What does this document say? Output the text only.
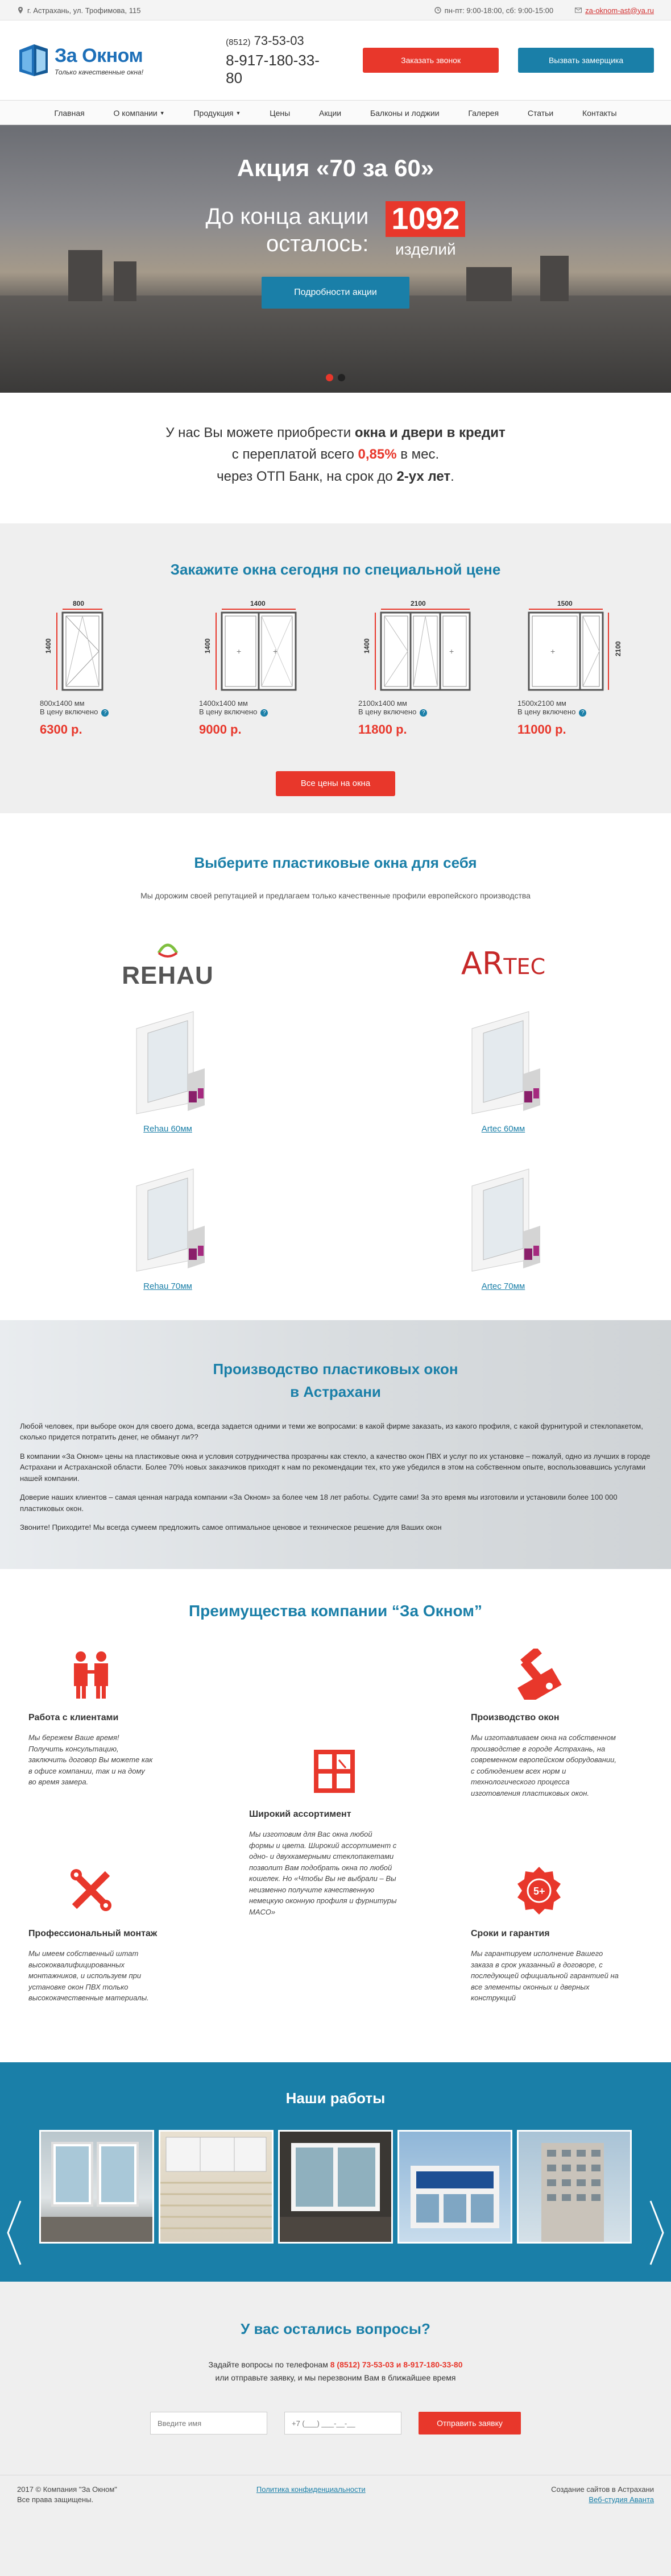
г. Астрахань, ул. Трофимова, 115	пн-пт: 9:00-18:00, сб: 9:00-15:00	za-oknom-ast@ya.ru
За Окном
Только качественные окна!
(8512) 73-53-03
8-917-180-33-80
Заказать звонок	Вызвать замерщика
Главная	О компании ▼	Продукция ▼	Цены	Акции	Балконы и лоджии	Галерея	Статьи	Контакты
Акция «70 за 60»
До конца акции
осталось:
1092
изделий
Подробности акции
У нас Вы можете приобрести окна и двери в кредит
с переплатой всего 0,85% в мес.
через ОТП Банк, на срок до 2-ух лет.
Закажите окна сегодня по специальной цене
800
1400
800x1400 мм
В цену включено ?
6300 р.
1400
1400	+	+
1400x1400 мм
В цену включено ?
9000 р.
2100
1400	+
2100x1400 мм
В цену включено ?
11800 р.
1500
2100
+
1500x2100 мм
В цену включено ?
11000 р.
Все цены на окна
Выберите пластиковые окна для себя
Мы дорожим своей репутацией и предлагаем только качественные профили европейского производства
REHAU
Rehau 60мм
Rehau 70мм
ARTEC
Artec 60мм
Artec 70мм
Производство пластиковых окон
в Астрахани

Любой человек, при выборе окон для своего дома, всегда задается одними и теми же вопросами: в какой фирме заказать, из какого профиля, с какой фурнитурой и стеклопакетом, сколько придется потратить денег, не обманут ли??

В компании «За Окном» цены на пластиковые окна и условия сотрудничества прозрачны как стекло, а качество окон ПВХ и услуг по их установке – пожалуй, одно из лучших в городе Астрахани и Астраханской области. Более 70% новых заказчиков приходят к нам по рекомендации тех, кто уже убедился в этом на собственном опыте, воспользовавшись услугами нашей компании.

Доверие наших клиентов – самая ценная награда компании «За Окном» за более чем 18 лет работы. Судите сами! За это время мы изготовили и установили более 100 000 пластиковых окон.

Звоните! Приходите! Мы всегда сумеем предложить самое оптимальное ценовое и техническое решение для Ваших окон

Преимущества компании “За Окном”
Работа с клиентами

Мы бережем Ваше время! Получить консультацию, заключить договор Вы можете как в офисе компании, так и на дому во время замера.

Производство окон

Мы изготавливаем окна на собственном производстве в городе Астрахань, на современном европейском оборудовании, с соблюдением всех норм и технологического процесса изготовления пластиковых окон.

Широкий ассортимент

Мы изготовим для Вас окна любой формы и цвета. Широкий ассортимент с одно- и двухкамерными стеклопакетами позволит Вам подобрать окна по любой кошелек. Но «Чтобы Вы не выбрали – Вы неизменно получите качественную немецкую оконную профиля и фурнитуры MACO»

Профессиональный монтаж

Мы имеем собственный штат высококвалифицированных монтажников, и используем при установке окон ПВХ только высококачественные материалы.

5+
Сроки и гарантия

Мы гарантируем исполнение Вашего заказа в срок указанный в договоре, с последующей официальной гарантией на все элементы оконных и дверных конструкций

Наши работы
У вас остались вопросы?
Задайте вопросы по телефонам 8 (8512) 73-53-03 и 8-917-180-33-80
или отправьте заявку, и мы перезвоним Вам в ближайшее время
Введите имя
+7 (___) ___-__-__
Отправить заявку
2017 © Компания "За Окном"
Все права защищены.
Политика конфиденциальности	Создание сайтов в Астрахани
Веб-студия Аванта
